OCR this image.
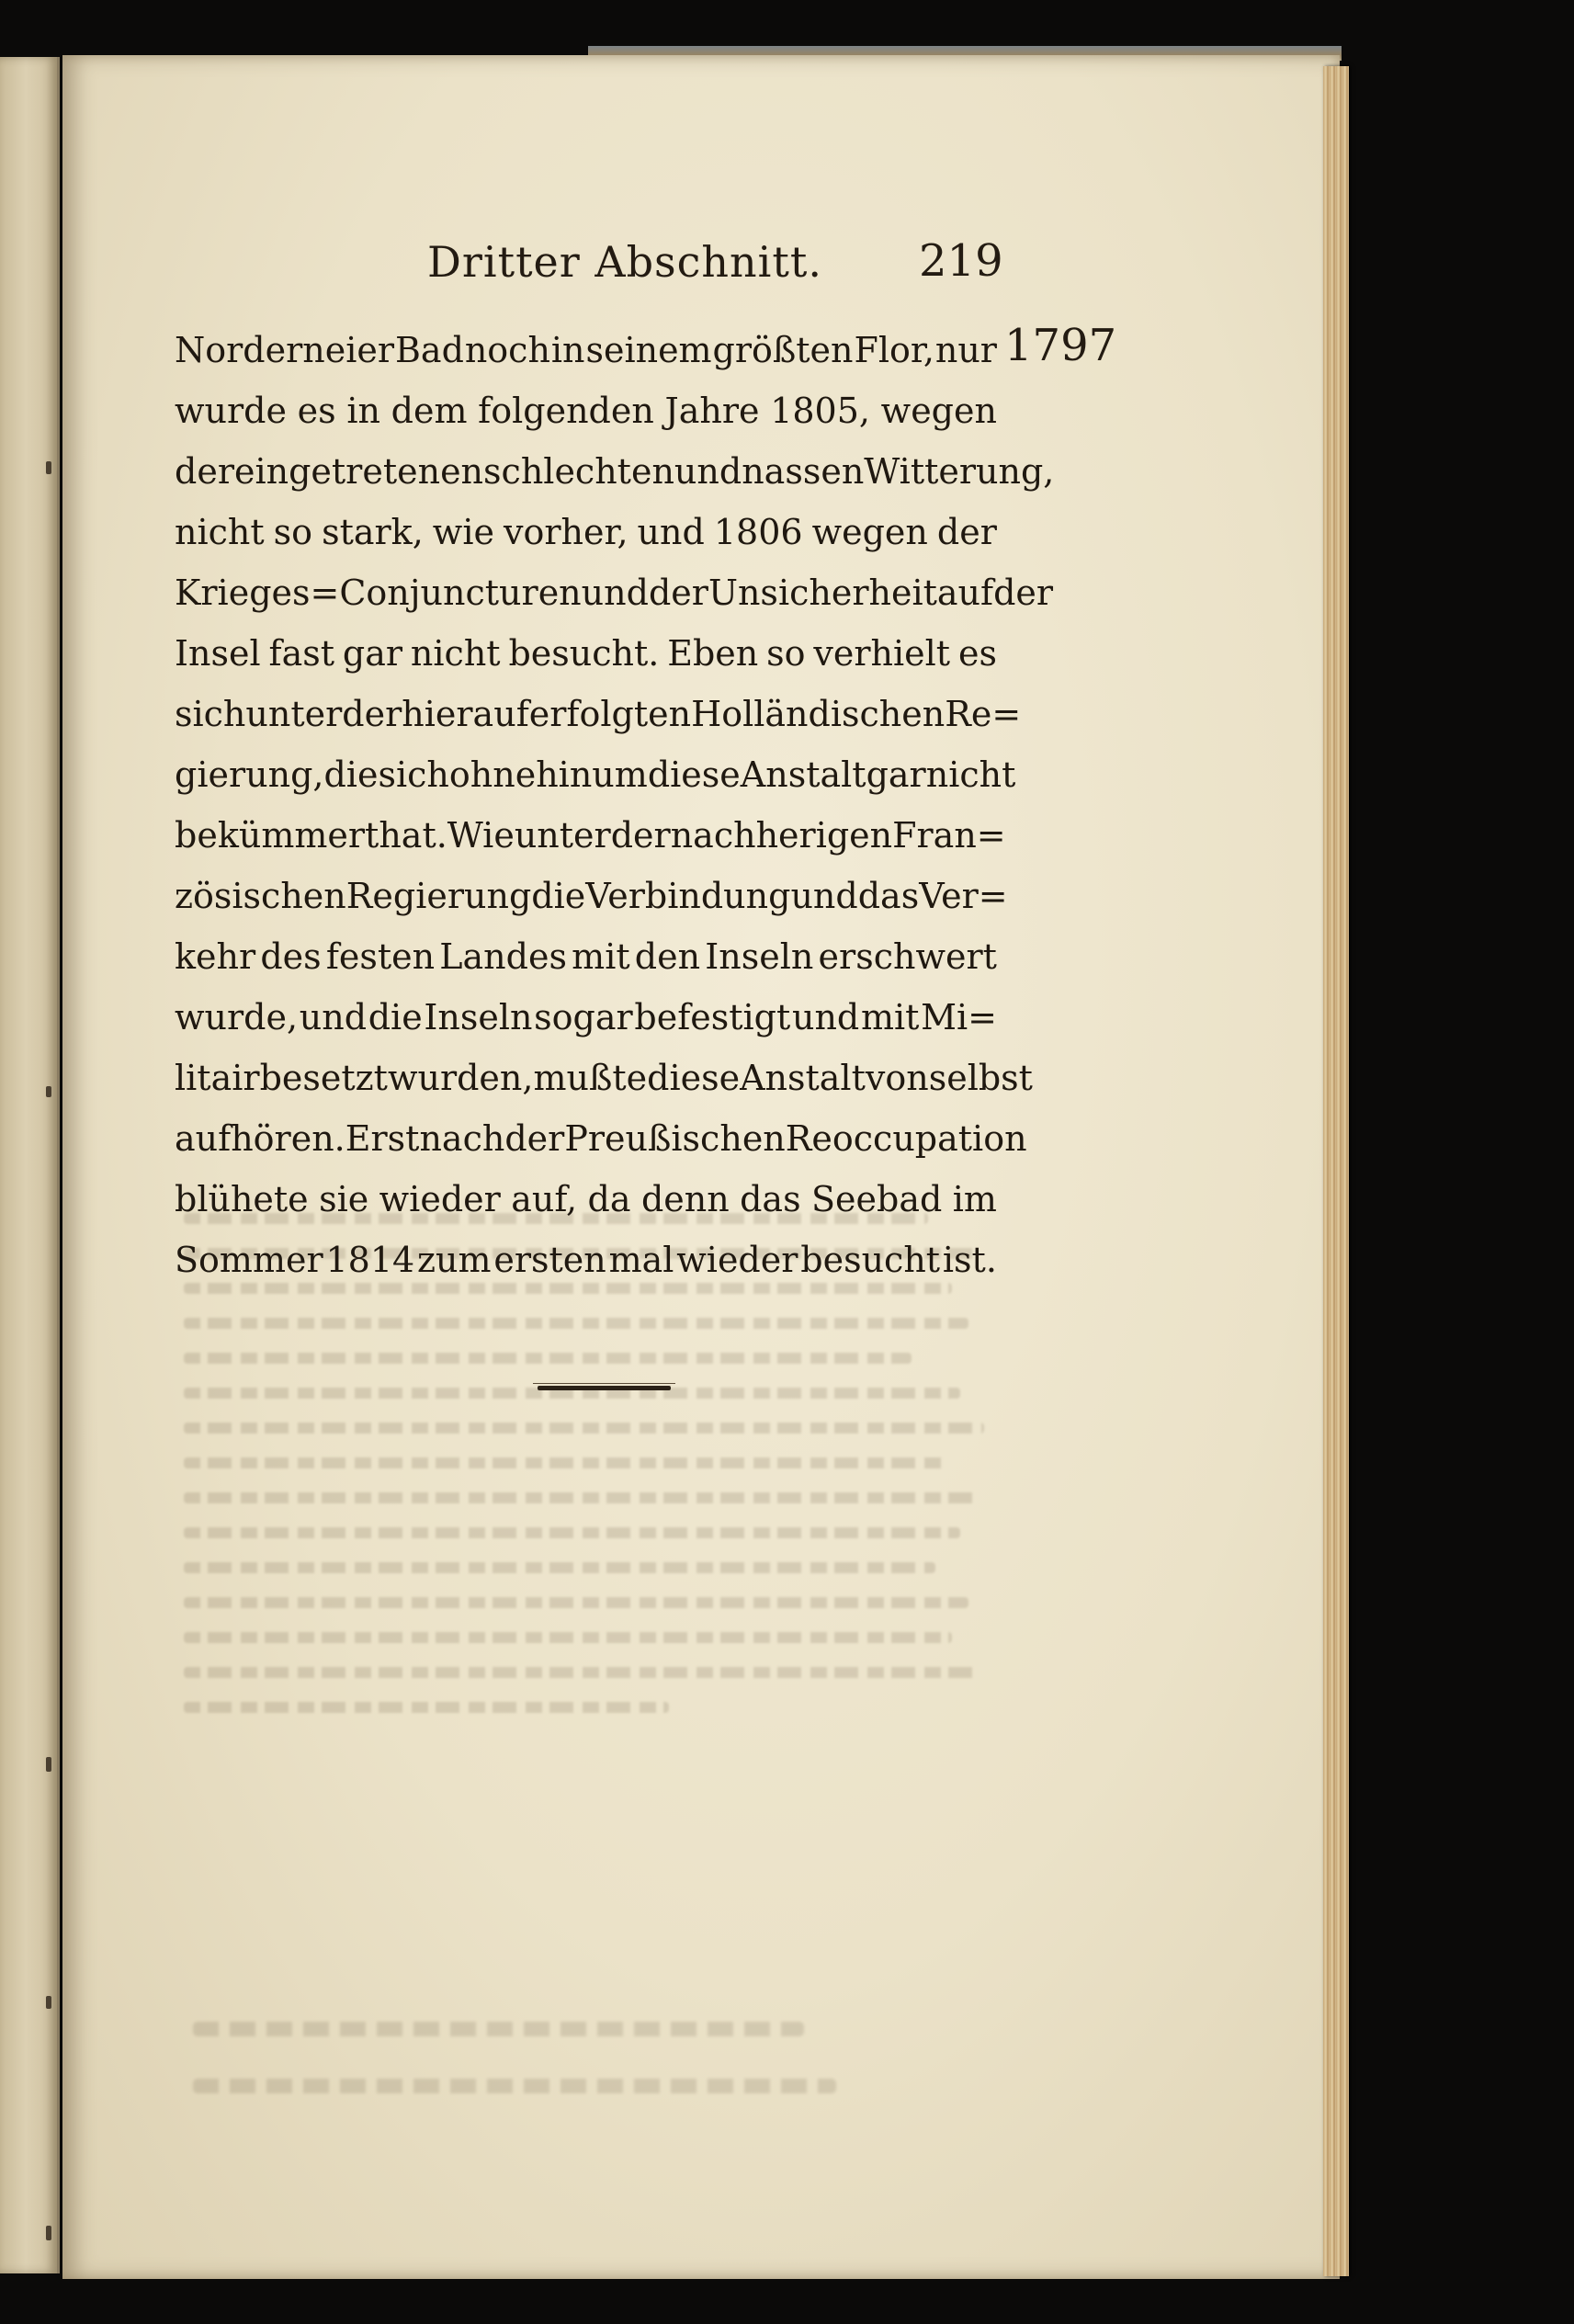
Dritter Abschnitt. 219
1797
Norderneier Bad noch in seinem größten Flor, nur
wurde es in dem folgenden Jahre 1805, wegen
der eingetretenen schlechten und nassen Witterung,
nicht so stark, wie vorher, und 1806 wegen der
Krieges=Conjuncturen und der Unsicherheit auf der
Insel fast gar nicht besucht. Eben so verhielt es
sich unter der hierauf erfolgten Holländischen Re=
gierung, die sich ohnehin um diese Anstalt gar nicht
bekümmert hat. Wie unter der nachherigen Fran=
zösischen Regierung die Verbindung und das Ver=
kehr des festen Landes mit den Inseln erschwert
wurde, und die Inseln sogar befestigt und mit Mi=
litair besetzt wurden, mußte diese Anstalt von selbst
aufhören. Erst nach der Preußischen Reoccupation
blühete sie wieder auf, da denn das Seebad im
Sommer 1814 zum ersten mal wieder besucht ist.
